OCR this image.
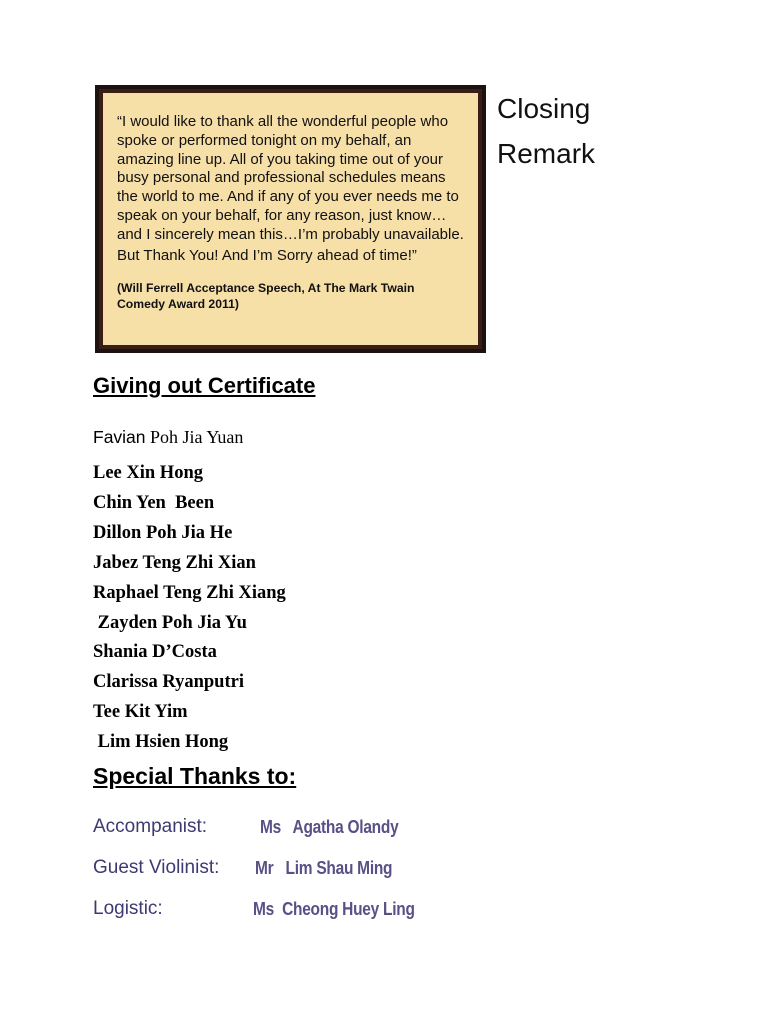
“I would like to thank all the wonderful people who spoke or performed tonight on my behalf, an amazing line up. All of you taking time out of your busy personal and professional schedules means the world to me. And if any of you ever needs me to speak on your behalf, for any reason, just know… and I sincerely mean this…I’m probably unavailable.

But Thank You! And I’m Sorry ahead of time!”

(Will Ferrell Acceptance Speech, At The Mark Twain Comedy Award 2011)

Closing
Remark
Giving out Certificate
Favian Poh Jia Yuan
Lee Xin Hong
Chin Yen  Been
Dillon Poh Jia He
Jabez Teng Zhi Xian
Raphael Teng Zhi Xiang
Zayden Poh Jia Yu
Shania D’Costa
Clarissa Ryanputri
Tee Kit Yim
Lim Hsien Hong
Special Thanks to:
Accompanist:	Ms   Agatha Olandy
Guest Violinist: Mr   Lim Shau Ming
Logistic:	Ms  Cheong Huey Ling
